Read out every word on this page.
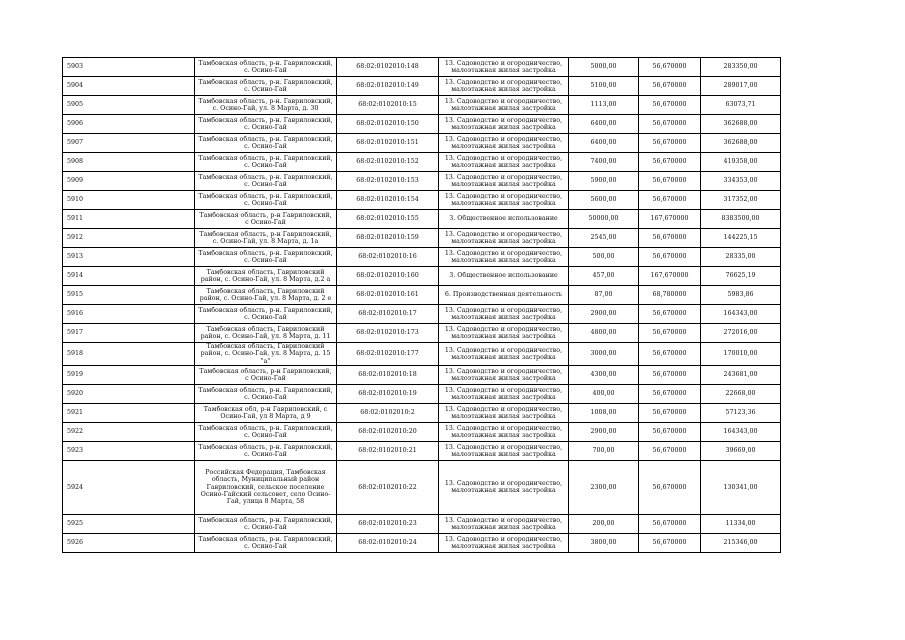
5903	Тамбовская область, р-н. Гавриловский, с. Осино-Гай	68:02:0102010:148	13. Садоводство и огородничество, малоэтажная жилая застройка	5000,00	56,670000	283350,00
5904	Тамбовская область, р-н. Гавриловский, с. Осино-Гай	68:02:0102010:149	13. Садоводство и огородничество, малоэтажная жилая застройка	5100,00	56,670000	289017,00
5905	Тамбовская область, р-н. Гавриловский, с. Осино-Гай, ул. 8 Марта, д. 30	68:02:0102010:15	13. Садоводство и огородничество, малоэтажная жилая застройка	1113,00	56,670000	63073,71
5906	Тамбовская область, р-н. Гавриловский, с. Осино-Гай	68:02:0102010:150	13. Садоводство и огородничество, малоэтажная жилая застройка	6400,00	56,670000	362688,00
5907	Тамбовская область, р-н. Гавриловский, с. Осино-Гай	68:02:0102010:151	13. Садоводство и огородничество, малоэтажная жилая застройка	6400,00	56,670000	362688,00
5908	Тамбовская область, р-н. Гавриловский, с. Осино-Гай	68:02:0102010:152	13. Садоводство и огородничество, малоэтажная жилая застройка	7400,00	56,670000	419358,00
5909	Тамбовская область, р-н. Гавриловский, с. Осино-Гай	68:02:0102010:153	13. Садоводство и огородничество, малоэтажная жилая застройка	5900,00	56,670000	334353,00
5910	Тамбовская область, р-н. Гавриловский, с. Осино-Гай	68:02:0102010:154	13. Садоводство и огородничество, малоэтажная жилая застройка	5600,00	56,670000	317352,00
5911	Тамбовская область, р-н Гавриловский, с Осино-Гай	68:02:0102010:155	3. Общественное использование	50000,00	167,670000	8383500,00
5912	Тамбовская область, р-н Гавриловский, с. Осино-Гай, ул. 8 Марта, д. 1а	68:02:0102010:159	13. Садоводство и огородничество, малоэтажная жилая застройка	2545,00	56,670000	144225,15
5913	Тамбовская область, р-н. Гавриловский, с. Осино-Гай	68:02:0102010:16	13. Садоводство и огородничество, малоэтажная жилая застройка	500,00	56,670000	28335,00
5914	Тамбовская область, Гавриловский район, с. Осино-Гай, ул. 8 Марта, д.2 а	68:02:0102010:160	3. Общественное использование	457,00	167,670000	76625,19
5915	Тамбовская область, Гавриловский район, с. Осино-Гай, ул. 8 Марта, д. 2 е	68:02:0102010:161	6. Производственная деятельность	87,00	68,780000	5983,86
5916	Тамбовская область, р-н. Гавриловский, с. Осино-Гай	68:02:0102010:17	13. Садоводство и огородничество, малоэтажная жилая застройка	2900,00	56,670000	164343,00
5917	Тамбовская область, Гавриловский район, с. Осино-Гай, ул. 8 Марта, д. 11	68:02:0102010:173	13. Садоводство и огородничество, малоэтажная жилая застройка	4800,00	56,670000	272016,00
5918	Тамбовская область, Гавриловский район, с. Осино-Гай, ул. 8 Марта, д. 15 "а"	68:02:0102010:177	13. Садоводство и огородничество, малоэтажная жилая застройка	3000,00	56,670000	170010,00
5919	Тамбовская область, р-н Гавриловский, с Осино-Гай	68:02:0102010:18	13. Садоводство и огородничество, малоэтажная жилая застройка	4300,00	56,670000	243681,00
5920	Тамбовская область, р-н. Гавриловский, с. Осино-Гай	68:02:0102010:19	13. Садоводство и огородничество, малоэтажная жилая застройка	400,00	56,670000	22668,00
5921	Тамбовская обл, р-н Гавриловский, с Осино-Гай, ул 8 Марта, д 9	68:02:0102010:2	13. Садоводство и огородничество, малоэтажная жилая застройка	1008,00	56,670000	57123,36
5922	Тамбовская область, р-н. Гавриловский, с. Осино-Гай	68:02:0102010:20	13. Садоводство и огородничество, малоэтажная жилая застройка	2900,00	56,670000	164343,00
5923	Тамбовская область, р-н. Гавриловский, с. Осино-Гай	68:02:0102010:21	13. Садоводство и огородничество, малоэтажная жилая застройка	700,00	56,670000	39669,00
5924	Российская Федерация, Тамбовская область, Муниципальный район Гавриловский, сельское поселение Осино-Гайский сельсовет, село Осино-Гай, улица 8 Марта, 58	68:02:0102010:22	13. Садоводство и огородничество, малоэтажная жилая застройка	2300,00	56,670000	130341,00
5925	Тамбовская область, р-н. Гавриловский, с. Осино-Гай	68:02:0102010:23	13. Садоводство и огородничество, малоэтажная жилая застройка	200,00	56,670000	11334,00
5926	Тамбовская область, р-н. Гавриловский, с. Осино-Гай	68:02:0102010:24	13. Садоводство и огородничество, малоэтажная жилая застройка	3800,00	56,670000	215346,00
